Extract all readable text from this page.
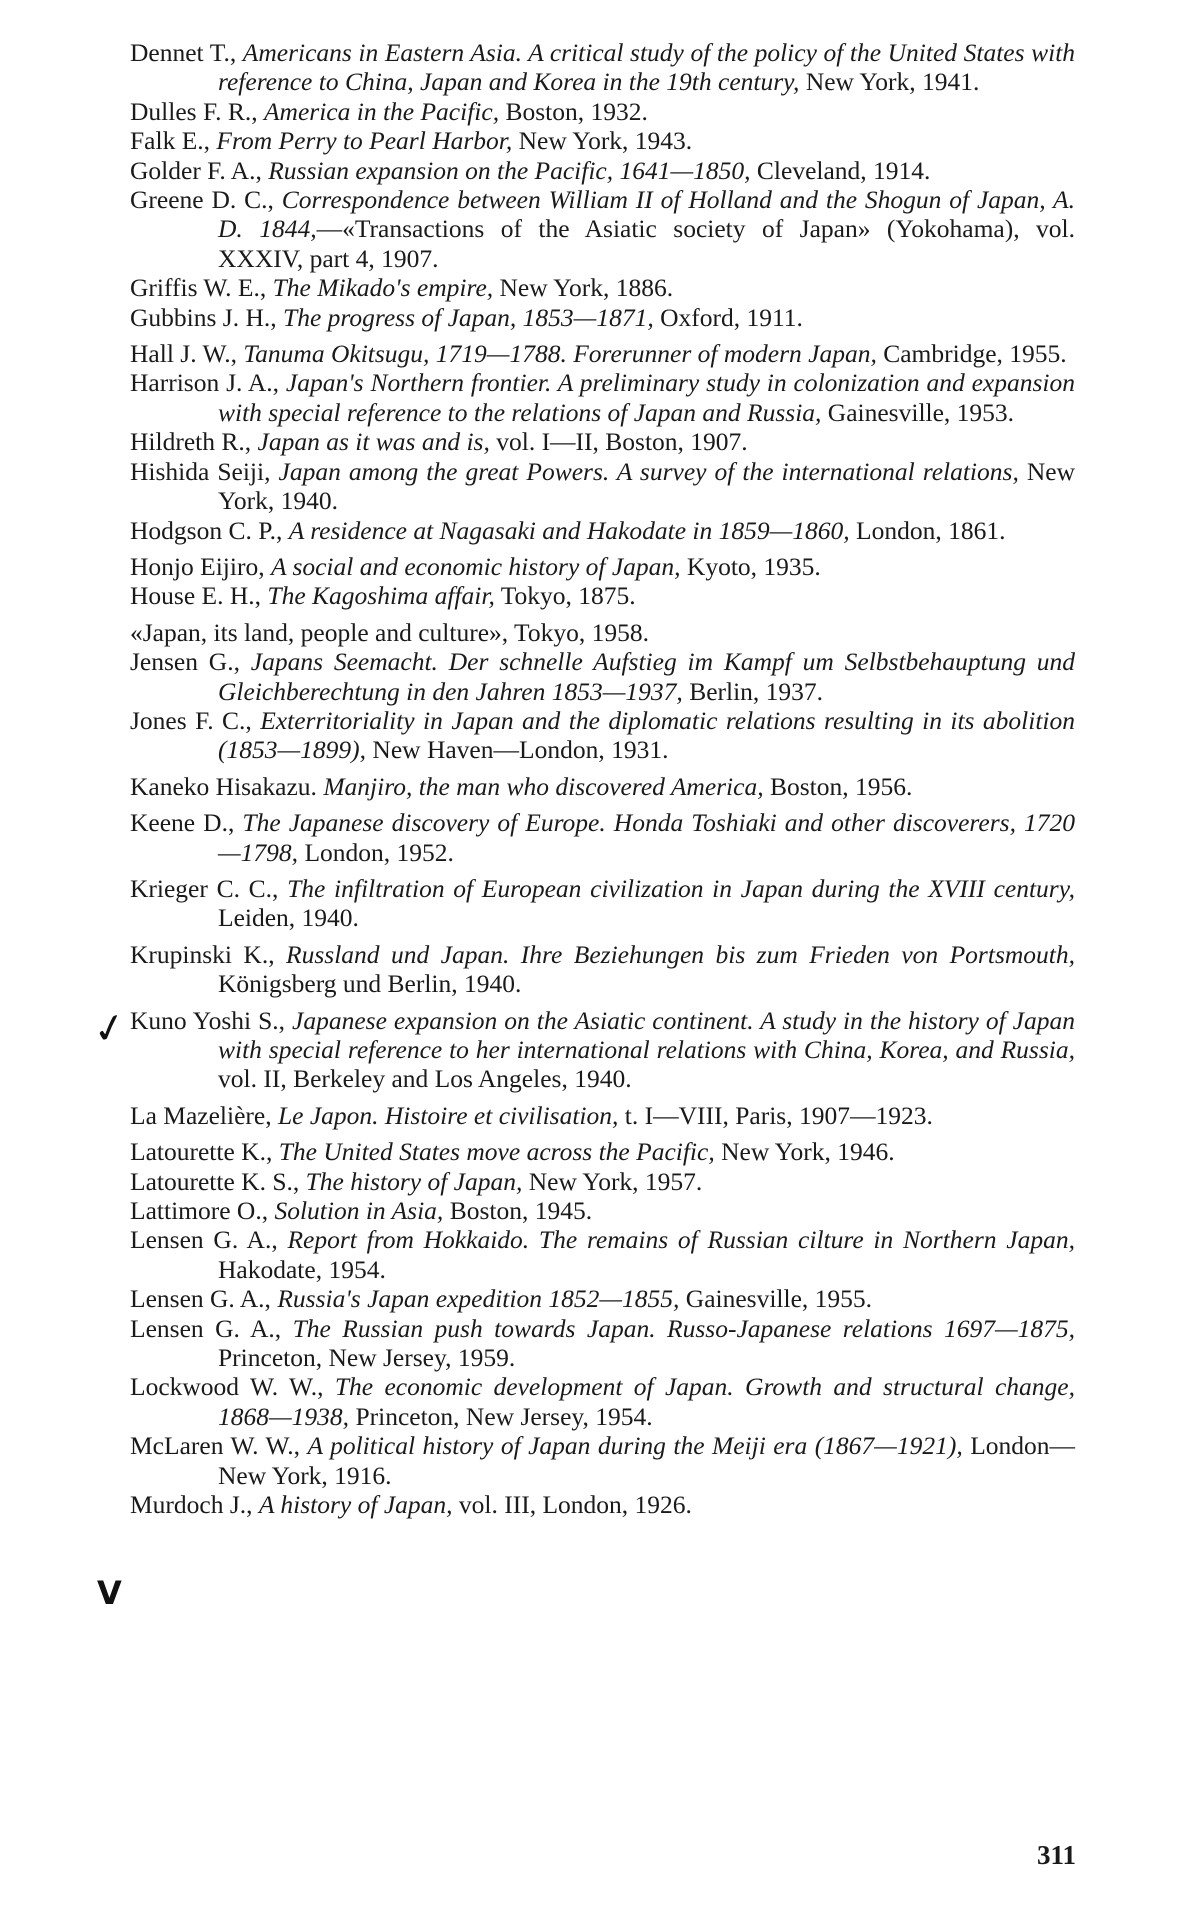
Dennet T., Americans in Eastern Asia. A critical study of the policy of the United States with reference to China, Japan and Korea in the 19th century, New York, 1941.
Dulles F. R., America in the Pacific, Boston, 1932.
Falk E., From Perry to Pearl Harbor, New York, 1943.
Golder F. A., Russian expansion on the Pacific, 1641—1850, Cleveland, 1914.
Greene D. C., Correspondence between William II of Holland and the Shogun of Japan, A. D. 1844,—«Transactions of the Asiatic society of Japan» (Yokohama), vol. XXXIV, part 4, 1907.
Griffis W. E., The Mikado's empire, New York, 1886.
Gubbins J. H., The progress of Japan, 1853—1871, Oxford, 1911.
Hall J. W., Tanuma Okitsugu, 1719—1788. Forerunner of modern Japan, Cambridge, 1955.
Harrison J. A., Japan's Northern frontier. A preliminary study in colonization and expansion with special reference to the relations of Japan and Russia, Gainesville, 1953.
Hildreth R., Japan as it was and is, vol. I—II, Boston, 1907.
Hishida Seiji, Japan among the great Powers. A survey of the international relations, New York, 1940.
Hodgson C. P., A residence at Nagasaki and Hakodate in 1859—1860, London, 1861.
Honjo Eijiro, A social and economic history of Japan, Kyoto, 1935.
House E. H., The Kagoshima affair, Tokyo, 1875.
«Japan, its land, people and culture», Tokyo, 1958.
Jensen G., Japans Seemacht. Der schnelle Aufstieg im Kampf um Selbstbehauptung und Gleichberechtung in den Jahren 1853—1937, Berlin, 1937.
Jones F. C., Exterritoriality in Japan and the diplomatic relations resulting in its abolition (1853—1899), New Haven—London, 1931.
Kaneko Hisakazu. Manjiro, the man who discovered America, Boston, 1956.
Keene D., The Japanese discovery of Europe. Honda Toshiaki and other discoverers, 1720—1798, London, 1952.
Krieger C. C., The infiltration of European civilization in Japan during the XVIII century, Leiden, 1940.
Krupinski K., Russland und Japan. Ihre Beziehungen bis zum Frieden von Portsmouth, Königsberg und Berlin, 1940.
Kuno Yoshi S., Japanese expansion on the Asiatic continent. A study in the history of Japan with special reference to her international relations with China, Korea, and Russia, vol. II, Berkeley and Los Angeles, 1940.
La Mazelière, Le Japon. Histoire et civilisation, t. I—VIII, Paris, 1907—1923.
Latourette K., The United States move across the Pacific, New York, 1946.
Latourette K. S., The history of Japan, New York, 1957.
Lattimore O., Solution in Asia, Boston, 1945.
Lensen G. A., Report from Hokkaido. The remains of Russian cilture in Northern Japan, Hakodate, 1954.
Lensen G. A., Russia's Japan expedition 1852—1855, Gainesville, 1955.
Lensen G. A., The Russian push towards Japan. Russo-Japanese relations 1697—1875, Princeton, New Jersey, 1959.
Lockwood W. W., The economic development of Japan. Growth and structural change, 1868—1938, Princeton, New Jersey, 1954.
McLaren W. W., A political history of Japan during the Meiji era (1867—1921), London—New York, 1916.
Murdoch J., A history of Japan, vol. III, London, 1926.
✓
V
311
